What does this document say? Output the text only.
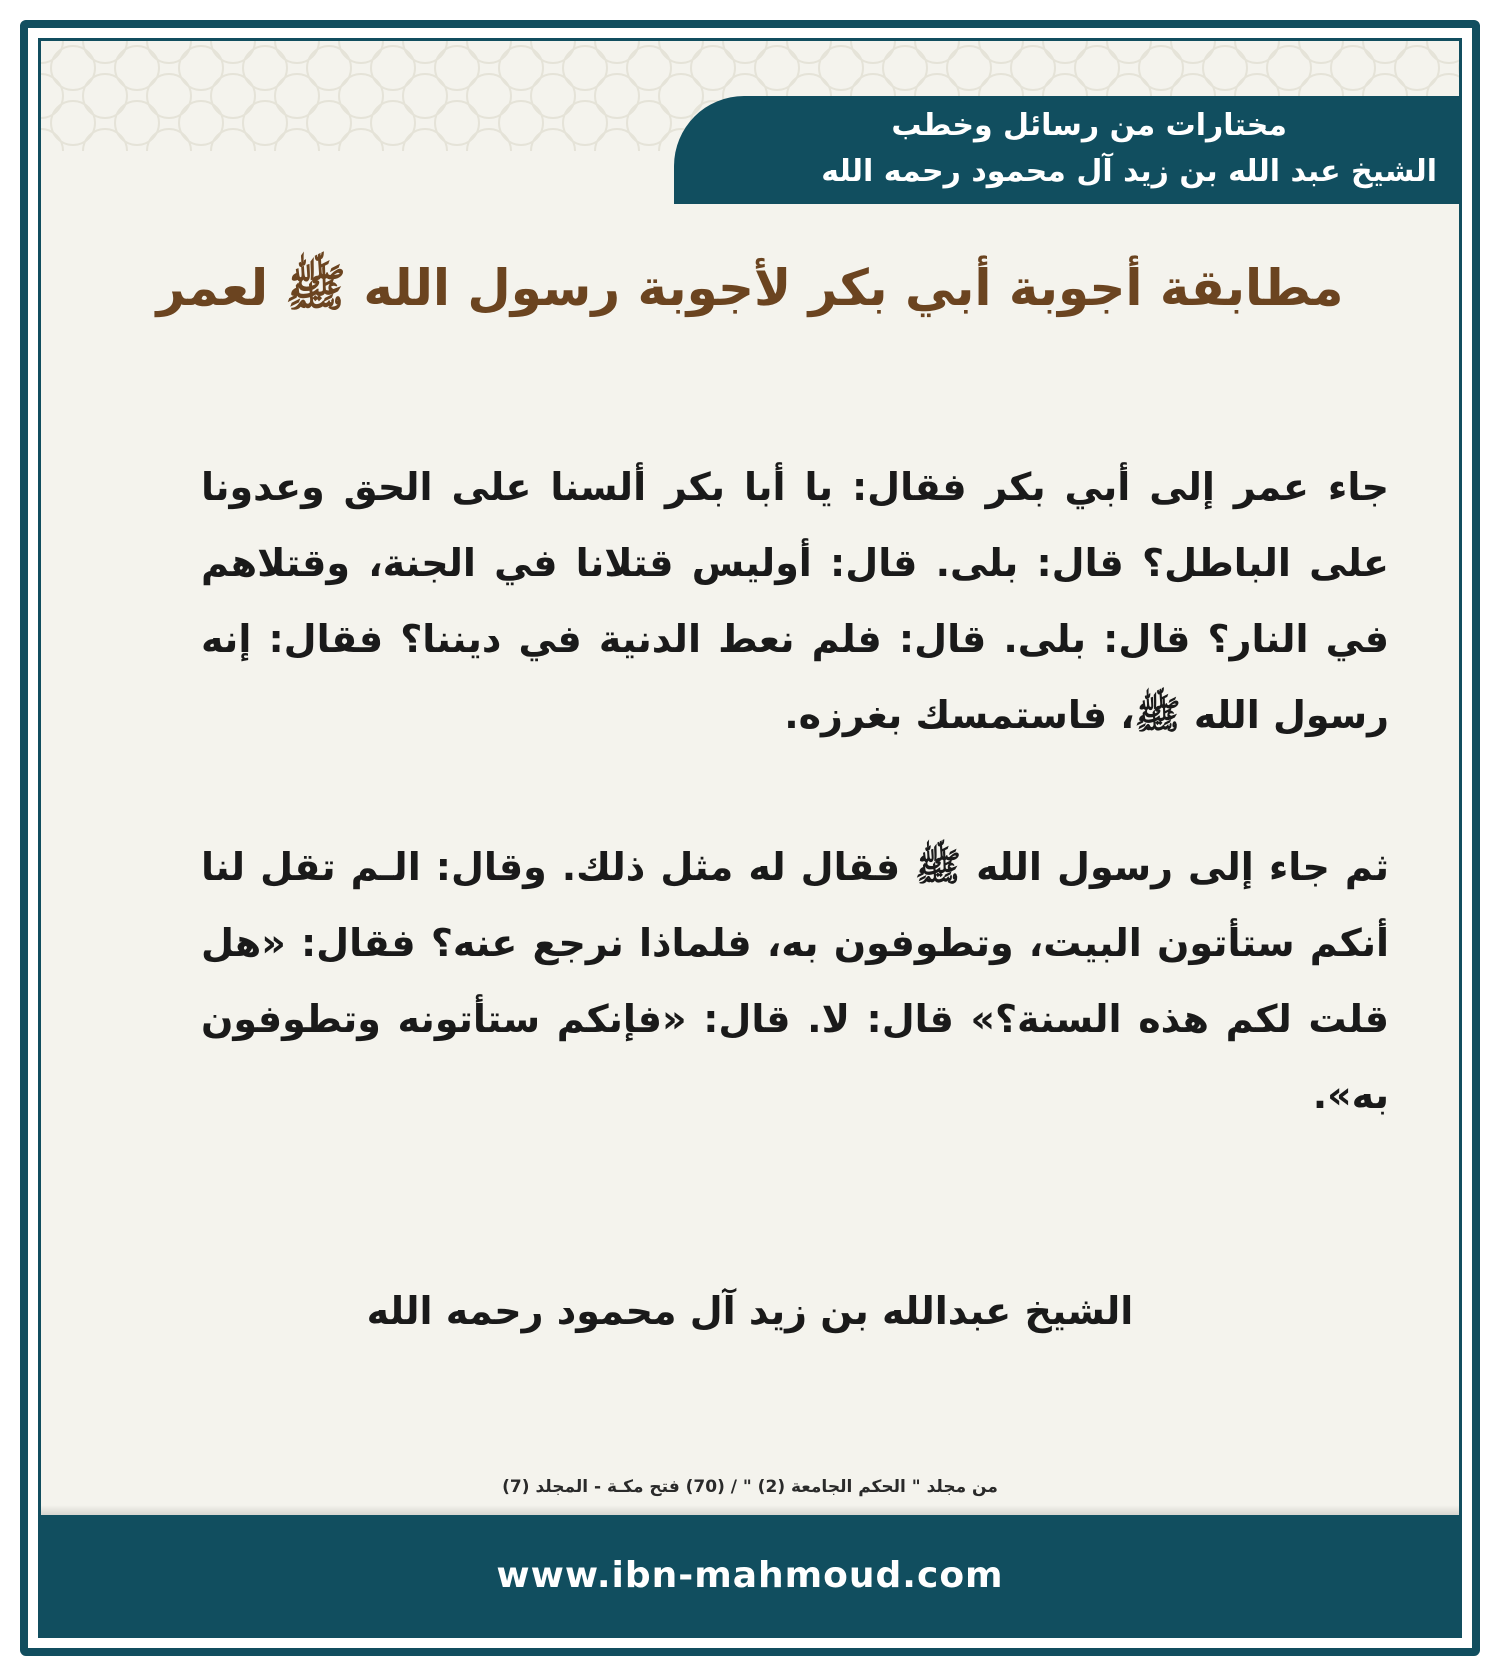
مختارات من رسائل وخطب
الشيخ عبد الله بن زيد آل محمود رحمه الله
مطابقة أجوبة أبي بكر لأجوبة رسول الله ﷺ لعمر

جاء عمر إلى أبي بكر فقال: يا أبا بكر ألسنا على الحق وعدونا على الباطل؟ قال: بلى. قال: أوليس قتلانا في الجنة، وقتلاهم في النار؟ قال: بلى. قال: فلم نعط الدنية في ديننا؟ فقال: إنه رسول الله ﷺ، فاستمسك بغرزه.

ثم جاء إلى رسول الله ﷺ فقال له مثل ذلك. وقال: الـم تقل لنا أنكم ستأتون البيت، وتطوفون به، فلماذا نرجع عنه؟ فقال: «هل قلت لكم هذه السنة؟» قال: لا. قال: «فإنكم ستأتونه وتطوفون به».

الشيخ عبدالله بن زيد آل محمود رحمه الله
من مجلد " الحكم الجامعة (2) " / (70) فتح مكـة - المجلد (7)
www.ibn-mahmoud.com
